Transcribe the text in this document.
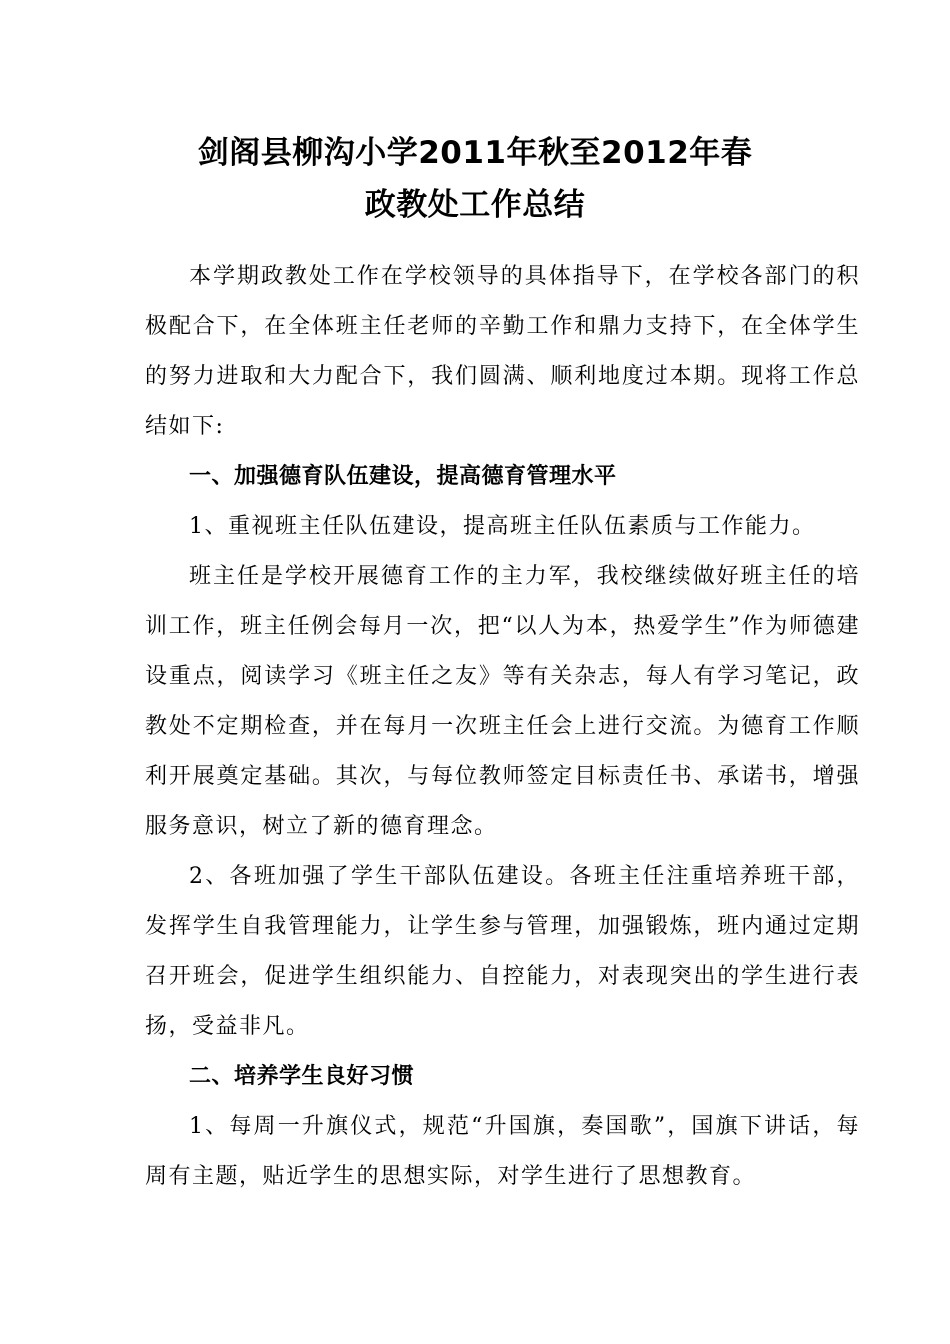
剑阁县柳沟小学2011年秋至2012年春
政教处工作总结

本学期政教处工作在学校领导的具体指导下，在学校各部门的积极配合下，在全体班主任老师的辛勤工作和鼎力支持下，在全体学生的努力进取和大力配合下，我们圆满、顺利地度过本期。现将工作总结如下:

一、加强德育队伍建设，提高德育管理水平

1、重视班主任队伍建设，提高班主任队伍素质与工作能力。

班主任是学校开展德育工作的主力军，我校继续做好班主任的培训工作，班主任例会每月一次，把“以人为本，热爱学生”作为师德建设重点，阅读学习《班主任之友》等有关杂志，每人有学习笔记，政教处不定期检查，并在每月一次班主任会上进行交流。为德育工作顺利开展奠定基础。其次，与每位教师签定目标责任书、承诺书，增强服务意识，树立了新的德育理念。

2、各班加强了学生干部队伍建设。各班主任注重培养班干部，发挥学生自我管理能力，让学生参与管理，加强锻炼，班内通过定期召开班会，促进学生组织能力、自控能力，对表现突出的学生进行表扬，受益非凡。

二、培养学生良好习惯

1、每周一升旗仪式，规范“升国旗，奏国歌”，国旗下讲话，每周有主题，贴近学生的思想实际，对学生进行了思想教育。
